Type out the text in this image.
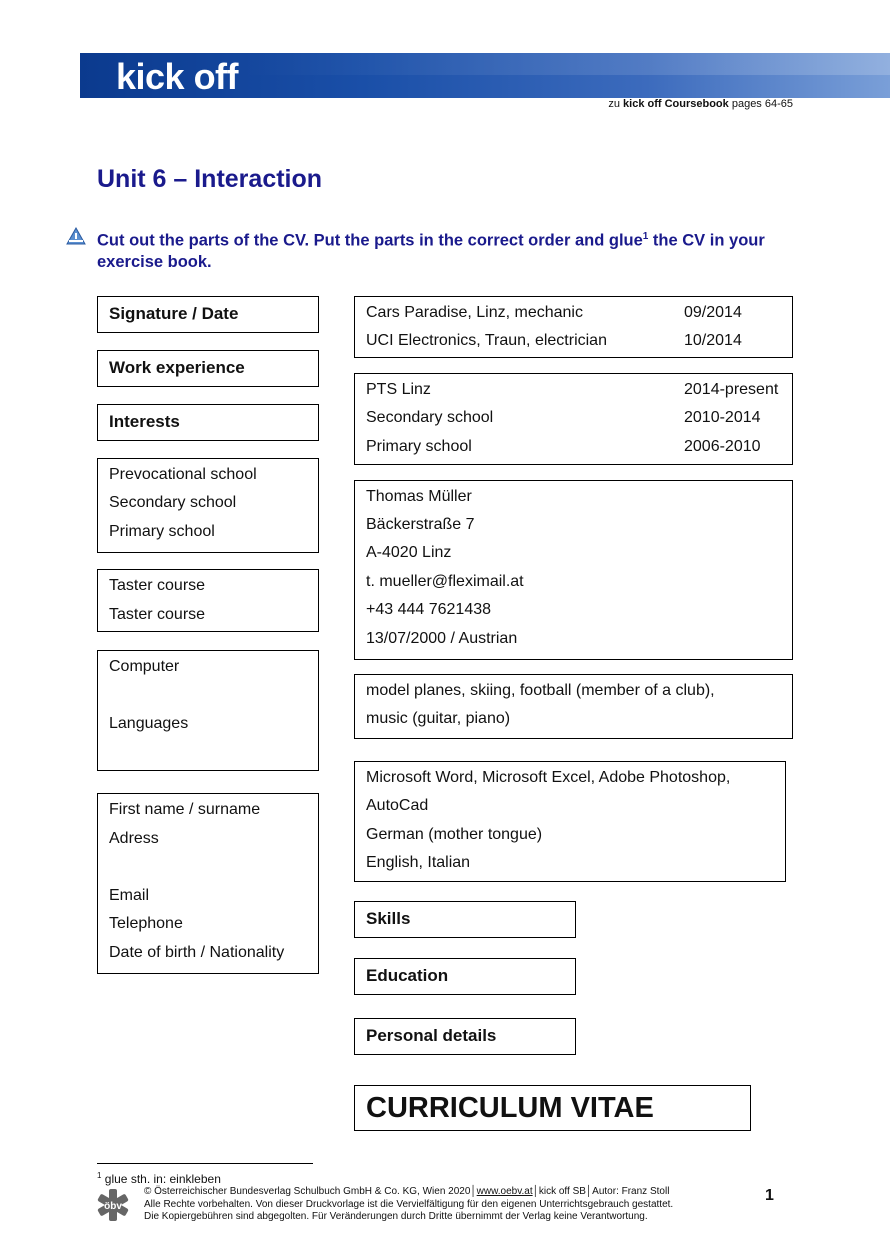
kick off
zu kick off Coursebook pages 64-65
Unit 6 – Interaction
Cut out the parts of the CV. Put the parts in the correct order and glue$^1$ the CV in your exercise book.
Signature / Date
Work experience
Interests
Prevocational school
Secondary school
Primary school
Taster course
Taster course
Computer
Languages
First name / surname
Adress
Email
Telephone
Date of birth / Nationality
Cars Paradise, Linz, mechanic	09/2014
UCI Electronics, Traun, electrician	10/2014
PTS Linz	2014-present
Secondary school	2010-2014
Primary school	2006-2010
Thomas Müller
Bäckerstraße 7
A-4020 Linz
t. mueller@fleximail.at
+43 444 7621438
13/07/2000 / Austrian
model planes, skiing, football (member of a club),
music (guitar, piano)
Microsoft Word, Microsoft Excel, Adobe Photoshop,
AutoCad
German (mother tongue)
English, Italian
Skills
Education
Personal details
CURRICULUM VITAE
$^1$ glue sth. in: einkleben
öbv
© Österreichischer Bundesverlag Schulbuch GmbH & Co. KG, Wien 2020│www.oebv.at│kick off SB│Autor: Franz Stoll
Alle Rechte vorbehalten. Von dieser Druckvorlage ist die Vervielfältigung für den eigenen Unterrichtsgebrauch gestattet.
Die Kopiergebühren sind abgegolten. Für Veränderungen durch Dritte übernimmt der Verlag keine Verantwortung.
1
